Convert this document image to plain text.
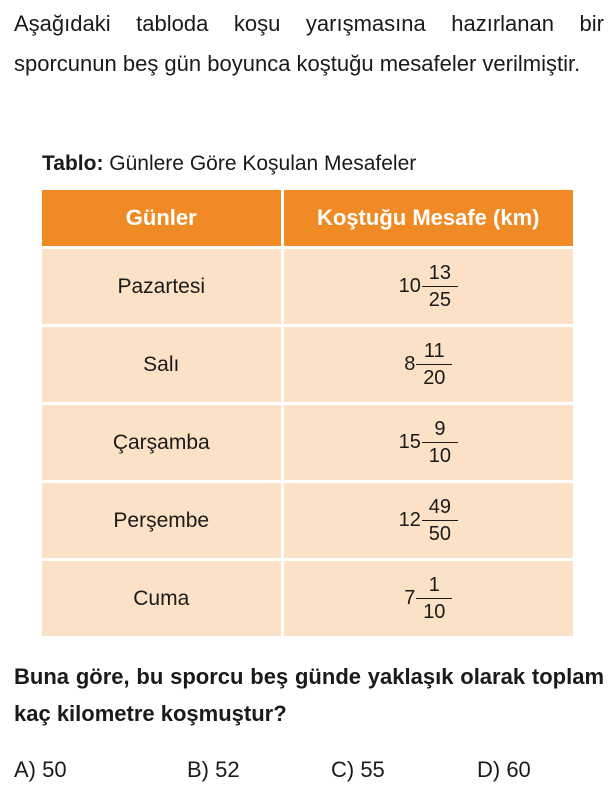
Aşağıdaki tabloda koşu yarışmasına hazırlanan bir sporcunun beş gün boyunca koştuğu mesafeler verilmiştir.

Tablo: Günlere Göre Koşulan Mesafeler
Günler	Koştuğu Mesafe (km)
Pazartesi	$10 \frac{13}{25}$

Salı	$8 \frac{11}{20}$

Çarşamba	$15 \frac{9}{10}$

Perşembe	$12 \frac{49}{50}$

Cuma	$7 \frac{1}{10}$

Buna göre, bu sporcu beş günde yaklaşık olarak toplam kaç kilometre koşmuştur?

A) 50	B) 52	C) 55	D) 60
